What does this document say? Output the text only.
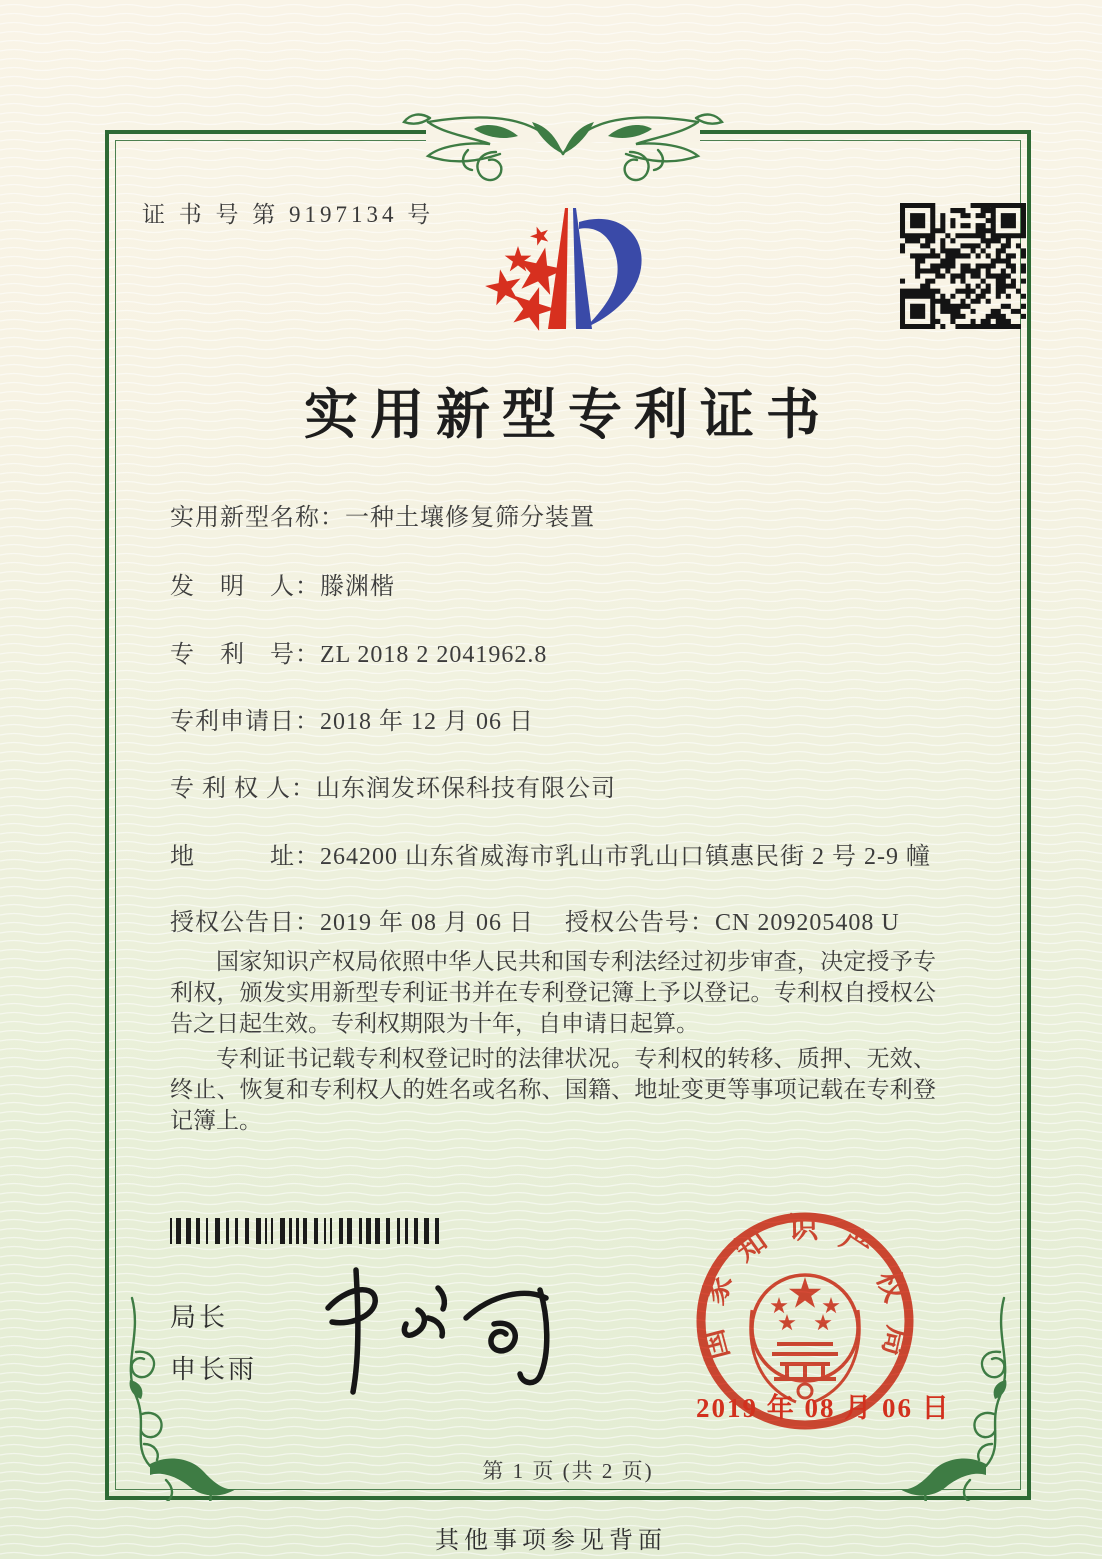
证 书 号 第 9197134 号
实用新型专利证书
实用新型名称：一种土壤修复筛分装置
发　明　人：滕渊楷
专　利　号：ZL 2018 2 2041962.8
专利申请日：2018 年 12 月 06 日
专 利 权 人：山东润发环保科技有限公司
地　　　址：264200 山东省威海市乳山市乳山口镇惠民街 2 号 2-9 幢
授权公告日：2019 年 08 月 06 日 授权公告号：CN 209205408 U

国家知识产权局依照中华人民共和国专利法经过初步审查，决定授予专利权，颁发实用新型专利证书并在专利登记簿上予以登记。专利权自授权公告之日起生效。专利权期限为十年，自申请日起算。

专利证书记载专利权登记时的法律状况。专利权的转移、质押、无效、终止、恢复和专利权人的姓名或名称、国籍、地址变更等事项记载在专利登记簿上。

局长
申长雨
国家知识产权局
2019 年 08 月 06 日
第 1 页 (共 2 页)
其他事项参见背面
